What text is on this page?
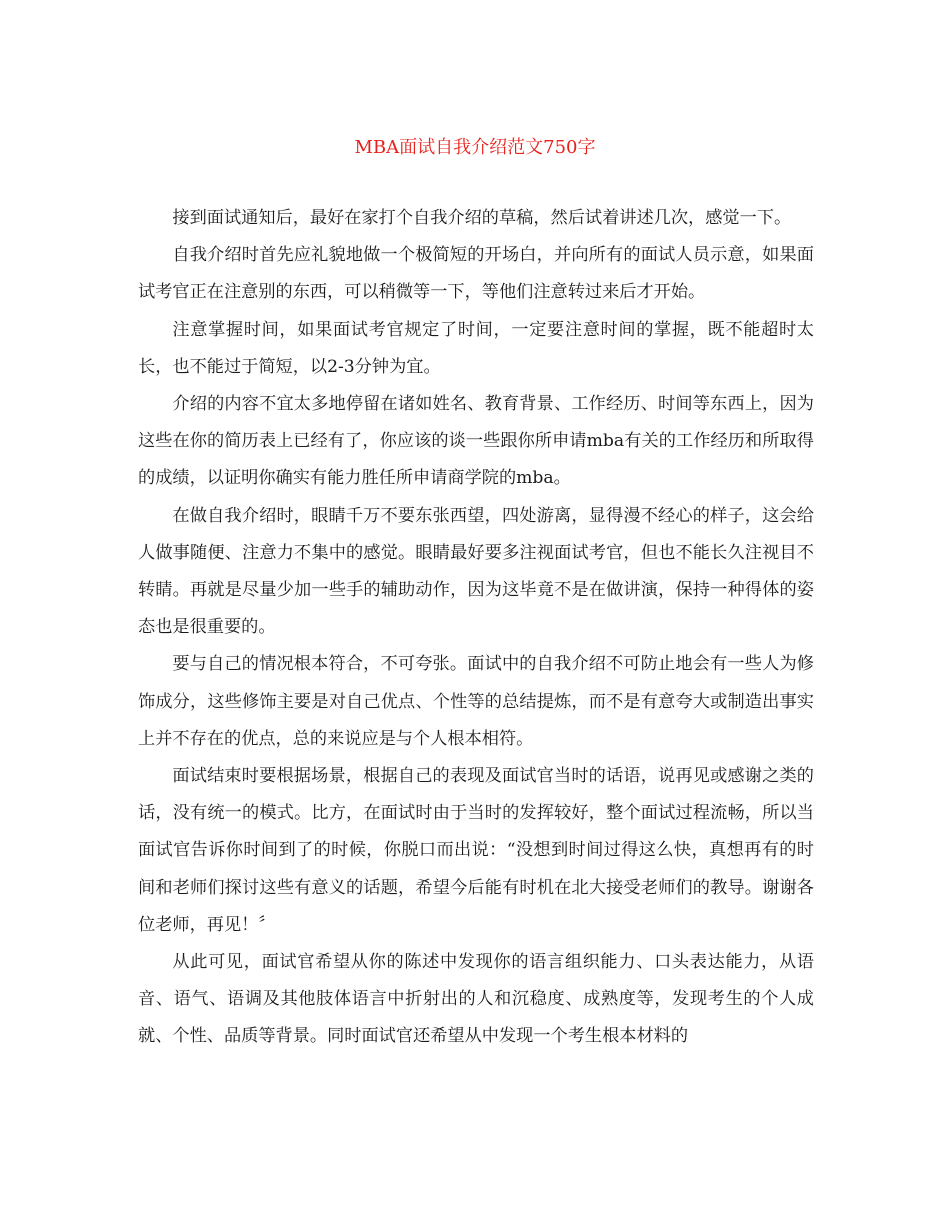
MBA面试自我介绍范文750字

接到面试通知后，最好在家打个自我介绍的草稿，然后试着讲述几次，感觉一下。

自我介绍时首先应礼貌地做一个极简短的开场白，并向所有的面试人员示意，如果面试考官正在注意别的东西，可以稍微等一下，等他们注意转过来后才开始。

注意掌握时间，如果面试考官规定了时间，一定要注意时间的掌握，既不能超时太长，也不能过于简短，以2-3分钟为宜。

介绍的内容不宜太多地停留在诸如姓名、教育背景、工作经历、时间等东西上，因为这些在你的简历表上已经有了，你应该的谈一些跟你所申请mba有关的工作经历和所取得的成绩，以证明你确实有能力胜任所申请商学院的mba。

在做自我介绍时，眼睛千万不要东张西望，四处游离，显得漫不经心的样子，这会给人做事随便、注意力不集中的感觉。眼睛最好要多注视面试考官，但也不能长久注视目不转睛。再就是尽量少加一些手的辅助动作，因为这毕竟不是在做讲演，保持一种得体的姿态也是很重要的。

要与自己的情况根本符合，不可夸张。面试中的自我介绍不可防止地会有一些人为修饰成分，这些修饰主要是对自己优点、个性等的总结提炼，而不是有意夸大或制造出事实上并不存在的优点，总的来说应是与个人根本相符。

面试结束时要根据场景，根据自己的表现及面试官当时的话语，说再见或感谢之类的话，没有统一的模式。比方，在面试时由于当时的发挥较好，整个面试过程流畅，所以当面试官告诉你时间到了的时候，你脱口而出说：“没想到时间过得这么快，真想再有的时间和老师们探讨这些有意义的话题，希望今后能有时机在北大接受老师们的教导。谢谢各位老师，再见！〞

从此可见，面试官希望从你的陈述中发现你的语言组织能力、口头表达能力，从语音、语气、语调及其他肢体语言中折射出的人和沉稳度、成熟度等，发现考生的个人成就、个性、品质等背景。同时面试官还希望从中发现一个考生根本材料的
